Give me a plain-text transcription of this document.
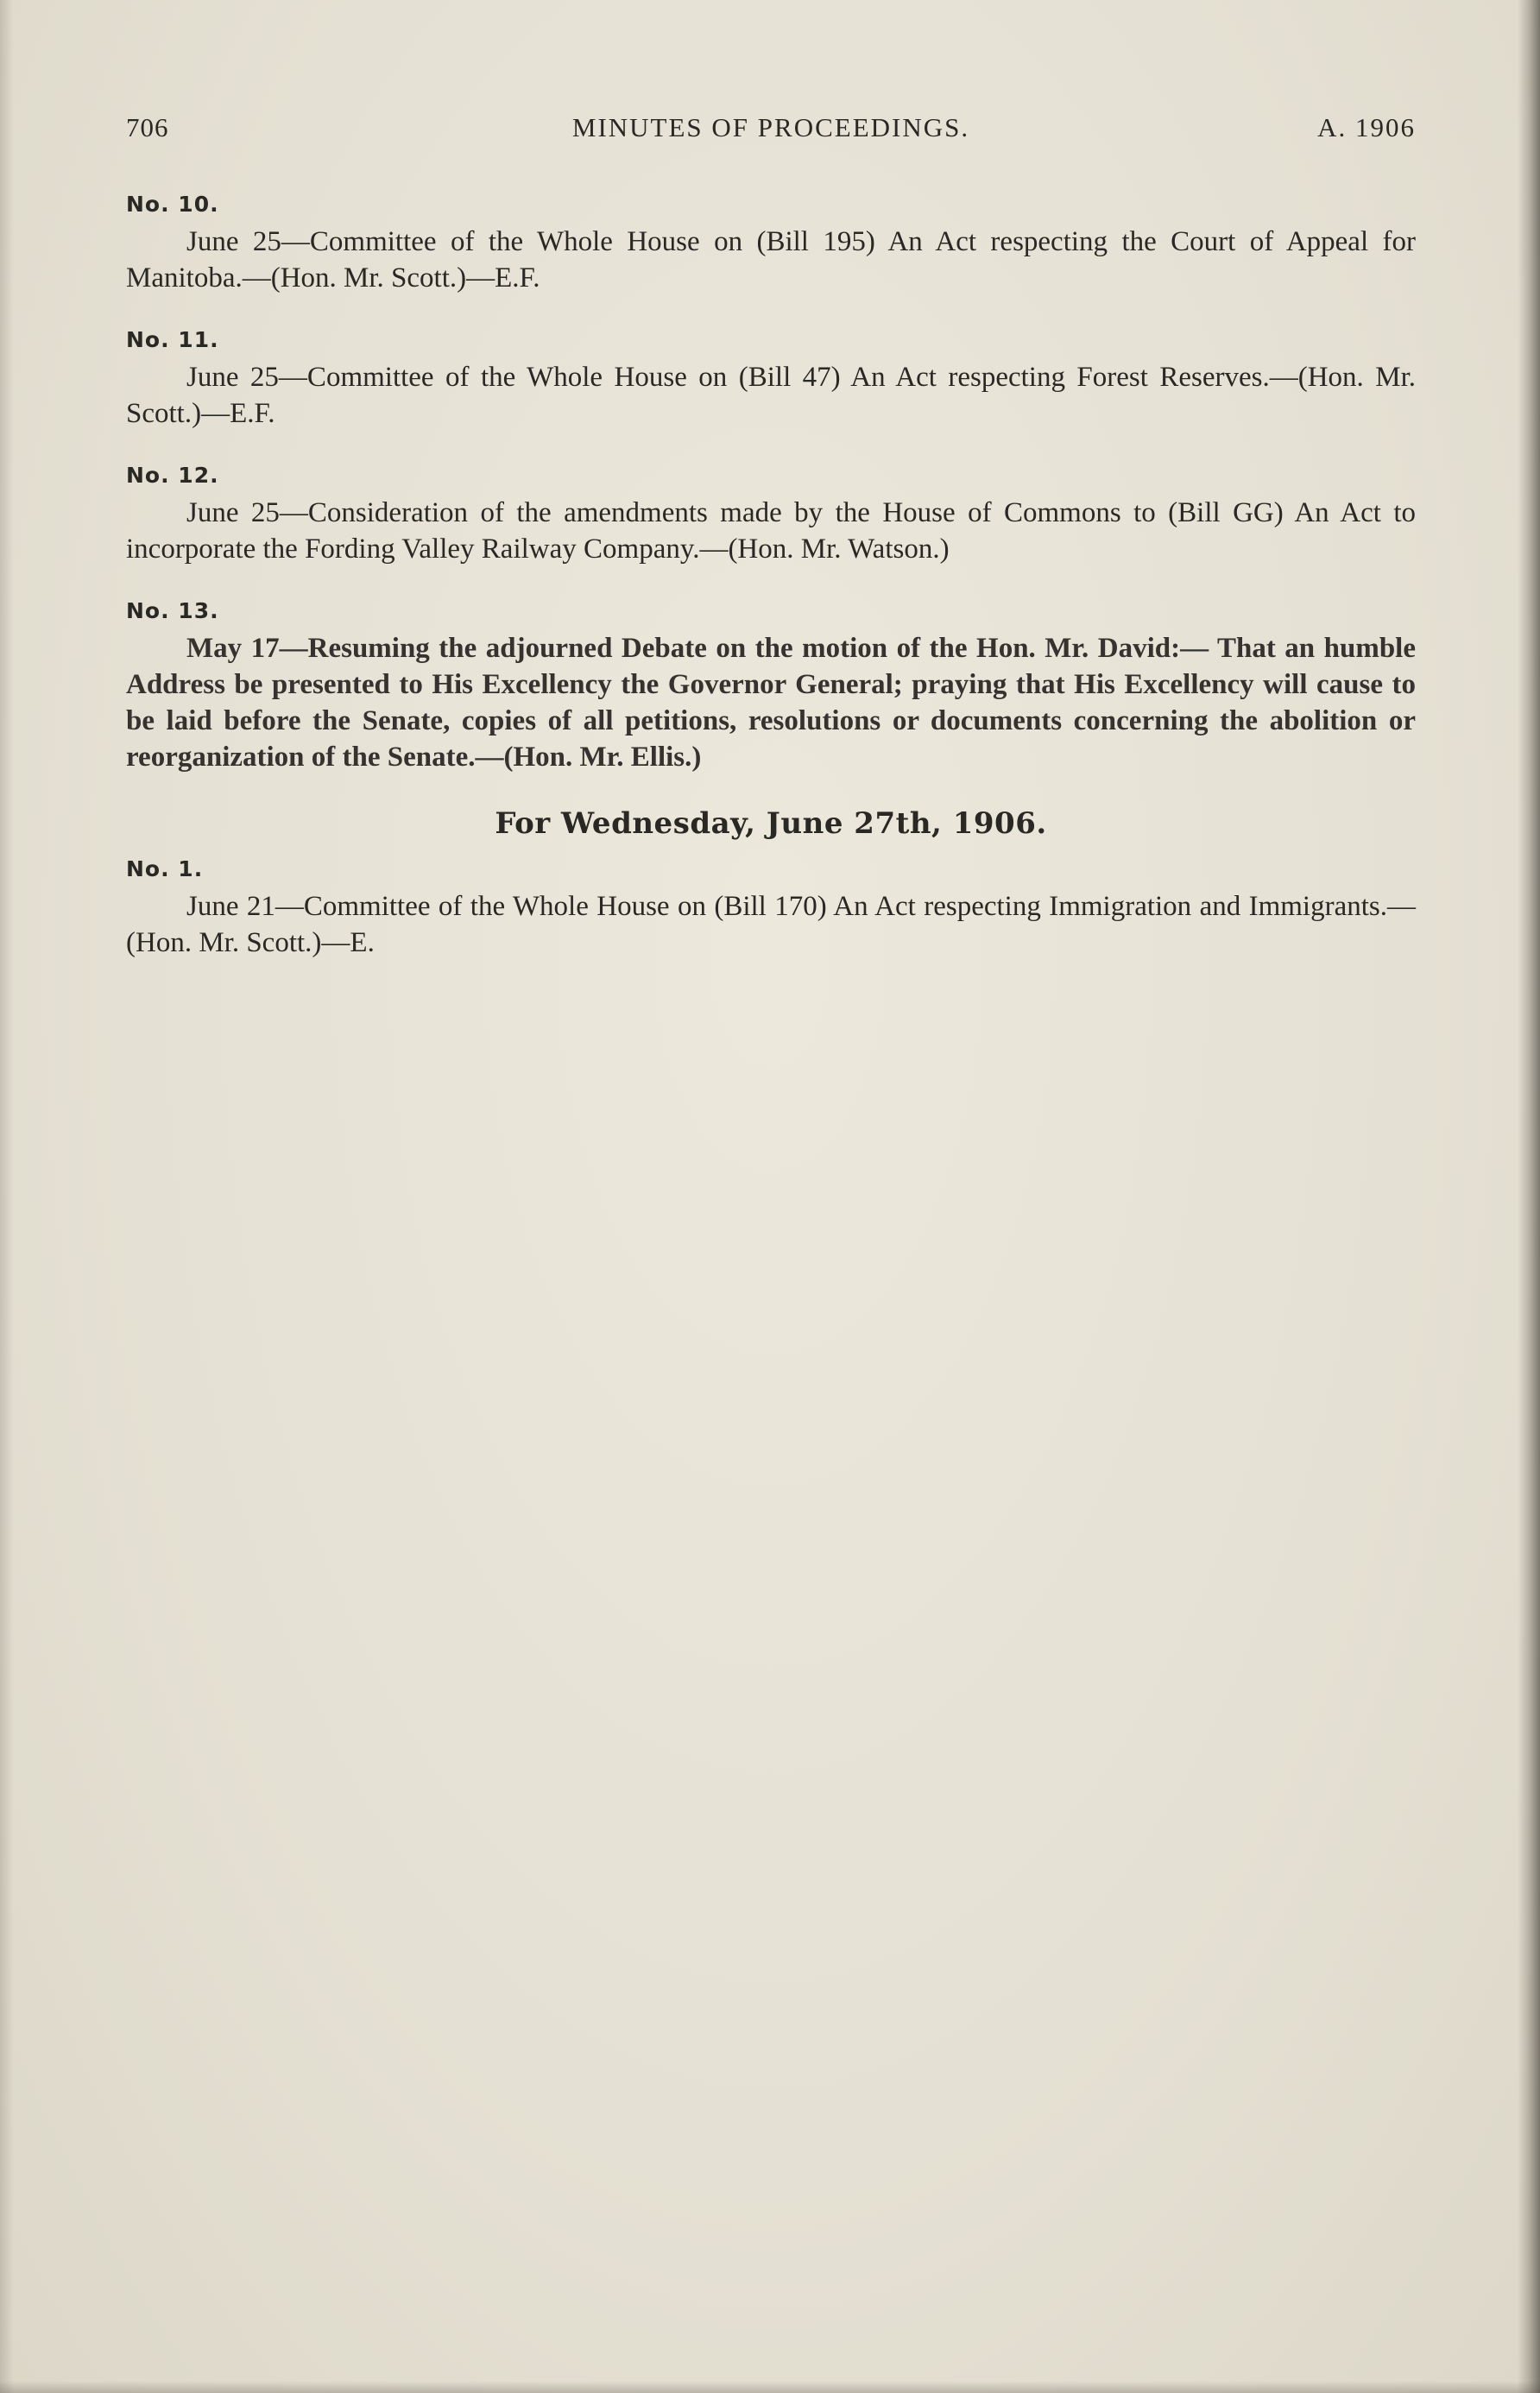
706	MINUTES OF PROCEEDINGS.	A. 1906
No. 10.

June 25—Committee of the Whole House on (Bill 195) An Act respecting the Court of Appeal for Manitoba.—(Hon. Mr. Scott.)—E.F.

No. 11.

June 25—Committee of the Whole House on (Bill 47) An Act respecting Forest Reserves.—(Hon. Mr. Scott.)—E.F.

No. 12.

June 25—Consideration of the amendments made by the House of Commons to (Bill GG) An Act to incorporate the Fording Valley Railway Company.—(Hon. Mr. Watson.)

No. 13.

May 17—Resuming the adjourned Debate on the motion of the Hon. Mr. David:— That an humble Address be presented to His Excellency the Governor General; praying that His Excellency will cause to be laid before the Senate, copies of all petitions, resolutions or documents concerning the abolition or reorganization of the Senate.—(Hon. Mr. Ellis.)

For Wednesday, June 27th, 1906.
No. 1.

June 21—Committee of the Whole House on (Bill 170) An Act respecting Immigration and Immigrants.—(Hon. Mr. Scott.)—E.
